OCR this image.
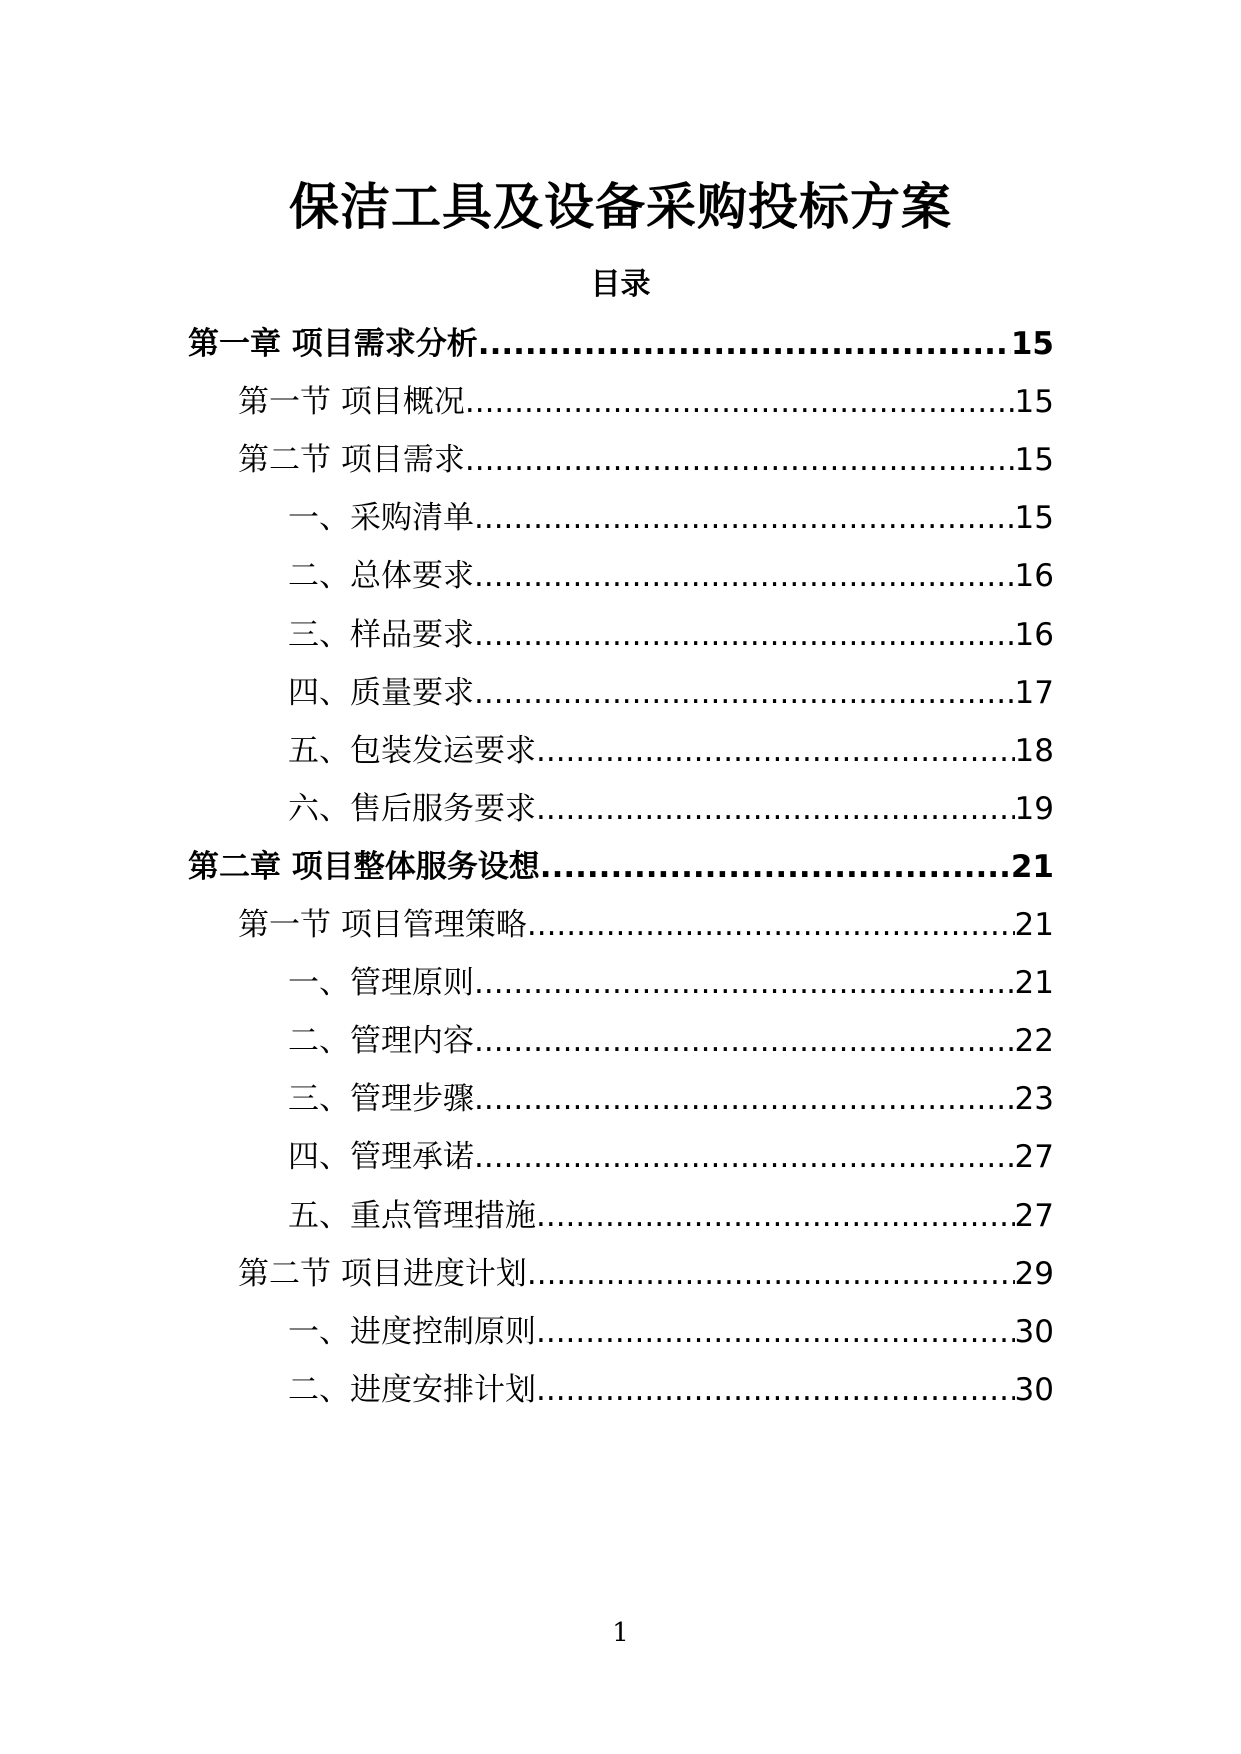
保洁工具及设备采购投标方案
目录
第一章 项目需求分析 .....	15
第一节 项目概况 .....	15
第二节 项目需求 .....	15
一、采购清单 .....	15
二、总体要求 .....	16
三、样品要求 .....	16
四、质量要求 .....	17
五、包装发运要求 .....	18
六、售后服务要求 .....	19
第二章 项目整体服务设想 .....	21
第一节 项目管理策略 .....	21
一、管理原则 .....	21
二、管理内容 .....	22
三、管理步骤 .....	23
四、管理承诺 .....	27
五、重点管理措施 .....	27
第二节 项目进度计划 .....	29
一、进度控制原则 .....	30
二、进度安排计划 .....	30
1
